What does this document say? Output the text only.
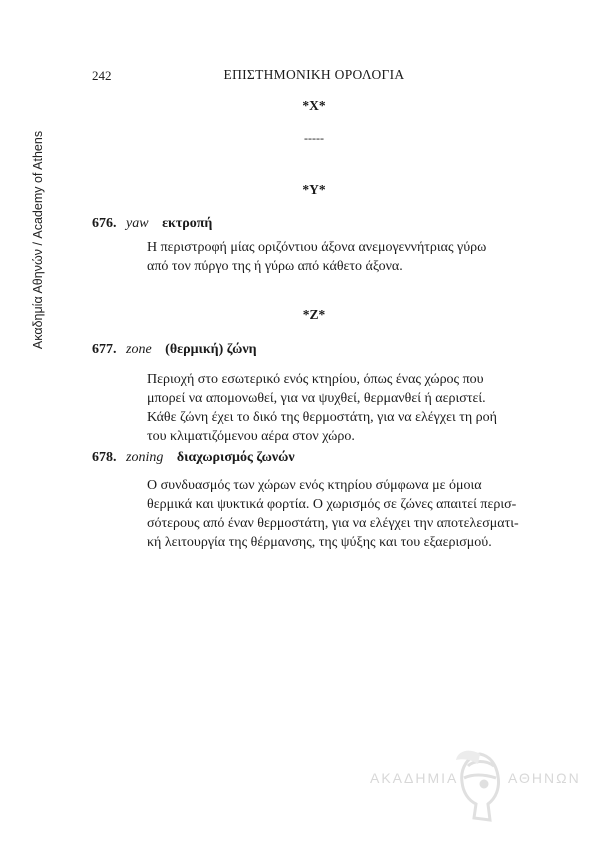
Ακαδημία Αθηνών / Academy of Athens
242	ΕΠΙΣΤΗΜΟΝΙΚΗ ΟΡΟΛΟΓΙΑ
*X*
-----
*Y*
676. yaw εκτροπή
Η περιστροφή μίας οριζόντιου άξονα ανεμογεννήτριας γύρω
από τον πύργο της ή γύρω από κάθετο άξονα.
*Z*
677. zone (θερμική) ζώνη
Περιοχή στο εσωτερικό ενός κτηρίου, όπως ένας χώρος που
μπορεί να απομονωθεί, για να ψυχθεί, θερμανθεί ή αεριστεί.
Κάθε ζώνη έχει το δικό της θερμοστάτη, για να ελέγχει τη ροή
του κλιματιζόμενου αέρα στον χώρο.
678. zoning διαχωρισμός ζωνών
Ο συνδυασμός των χώρων ενός κτηρίου σύμφωνα με όμοια
θερμικά και ψυκτικά φορτία. Ο χωρισμός σε ζώνες απαιτεί περισ-
σότερους από έναν θερμοστάτη, για να ελέγχει την αποτελεσματι-
κή λειτουργία της θέρμανσης, της ψύξης και του εξαερισμού.
ΑΚΑΔΗΜΙΑ	ΑΘΗΝΩΝ
